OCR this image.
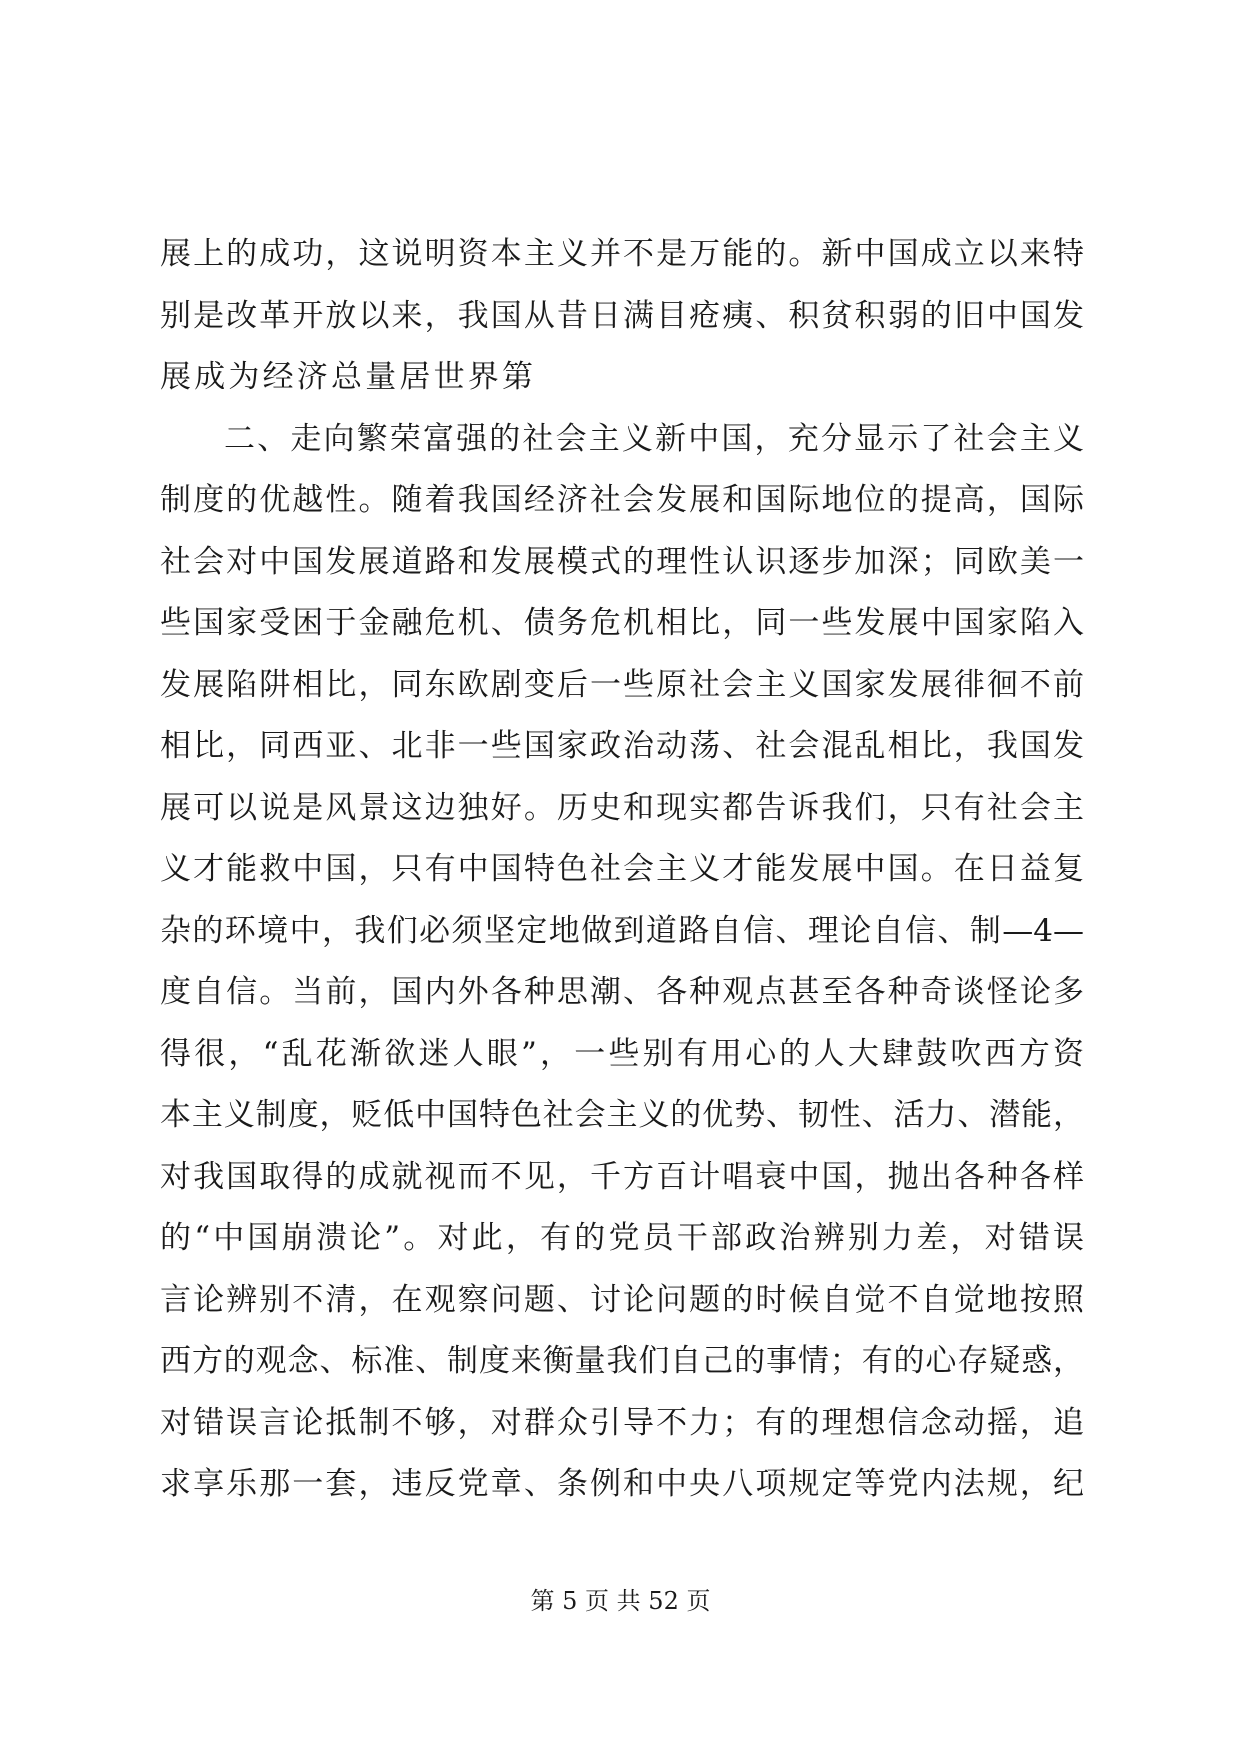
展上的成功，这说明资本主义并不是万能的。新中国成立以来特
别是改革开放以来，我国从昔日满目疮痍、积贫积弱的旧中国发
展成为经济总量居世界第
二、走向繁荣富强的社会主义新中国，充分显示了社会主义
制度的优越性。随着我国经济社会发展和国际地位的提高，国际
社会对中国发展道路和发展模式的理性认识逐步加深；同欧美一
些国家受困于金融危机、债务危机相比，同一些发展中国家陷入
发展陷阱相比，同东欧剧变后一些原社会主义国家发展徘徊不前
相比，同西亚、北非一些国家政治动荡、社会混乱相比，我国发
展可以说是风景这边独好。历史和现实都告诉我们，只有社会主
义才能救中国，只有中国特色社会主义才能发展中国。在日益复
杂的环境中，我们必须坚定地做到道路自信、理论自信、制—4—
度自信。当前，国内外各种思潮、各种观点甚至各种奇谈怪论多
得很，“乱花渐欲迷人眼”，一些别有用心的人大肆鼓吹西方资
本主义制度，贬低中国特色社会主义的优势、韧性、活力、潜能，
对我国取得的成就视而不见，千方百计唱衰中国，抛出各种各样
的“中国崩溃论”。对此，有的党员干部政治辨别力差，对错误
言论辨别不清，在观察问题、讨论问题的时候自觉不自觉地按照
西方的观念、标准、制度来衡量我们自己的事情；有的心存疑惑，
对错误言论抵制不够，对群众引导不力；有的理想信念动摇，追
求享乐那一套，违反党章、条例和中央八项规定等党内法规，纪
第 5 页 共 52 页
